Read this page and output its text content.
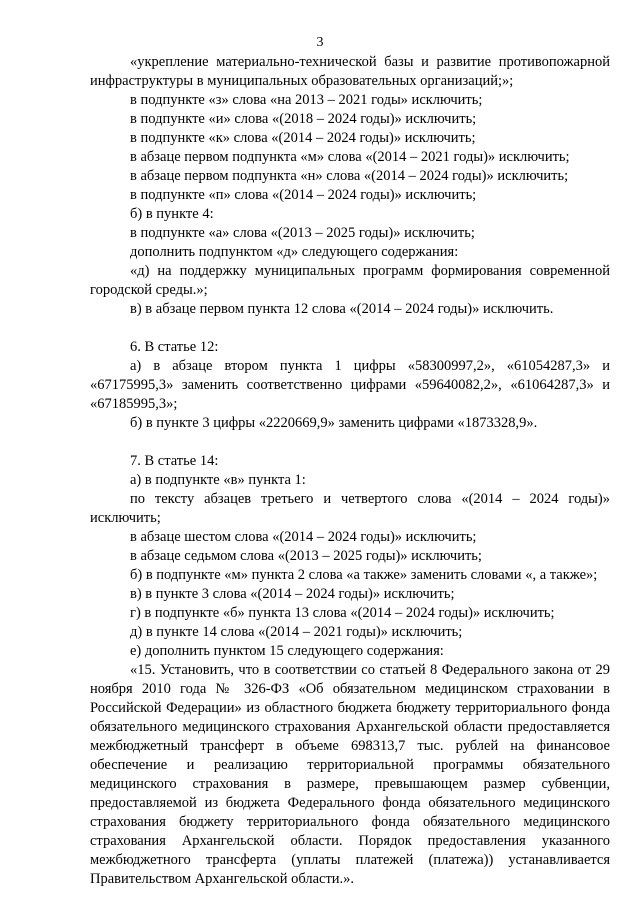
3

«укрепление материально-технической базы и развитие противопожарной инфраструктуры в муниципальных образовательных организаций;»;

в подпункте «з» слова «на 2013 – 2021 годы» исключить;

в подпункте «и» слова «(2018 – 2024 годы)» исключить;

в подпункте «к» слова «(2014 – 2024 годы)» исключить;

в абзаце первом подпункта «м» слова «(2014 – 2021 годы)» исключить;

в абзаце первом подпункта «н» слова «(2014 – 2024 годы)» исключить;

в подпункте «п» слова «(2014 – 2024 годы)» исключить;

б) в пункте 4:

в подпункте «а» слова «(2013 – 2025 годы)» исключить;

дополнить подпунктом «д» следующего содержания:

«д) на поддержку муниципальных программ формирования современной городской среды.»;

в) в абзаце первом пункта 12 слова «(2014 – 2024 годы)» исключить.

6. В статье 12:

а) в абзаце втором пункта 1 цифры «58300997,2», «61054287,3» и «67175995,3» заменить соответственно цифрами «59640082,2», «61064287,3» и «67185995,3»;

б) в пункте 3 цифры «2220669,9» заменить цифрами «1873328,9».

7. В статье 14:

а) в подпункте «в» пункта 1:

по тексту абзацев третьего и четвертого слова «(2014 – 2024 годы)» исключить;

в абзаце шестом слова «(2014 – 2024 годы)» исключить;

в абзаце седьмом слова «(2013 – 2025 годы)» исключить;

б) в подпункте «м» пункта 2 слова «а также» заменить словами «, а также»;

в) в пункте 3 слова «(2014 – 2024 годы)» исключить;

г) в подпункте «б» пункта 13 слова «(2014 – 2024 годы)» исключить;

д) в пункте 14 слова «(2014 – 2021 годы)» исключить;

е) дополнить пунктом 15 следующего содержания:

«15. Установить, что в соответствии со статьей 8 Федерального закона от 29 ноября 2010 года № 326-ФЗ «Об обязательном медицинском страховании в Российской Федерации» из областного бюджета бюджету территориального фонда обязательного медицинского страхования Архангельской области предоставляется межбюджетный трансферт в объеме 698313,7 тыс. рублей на финансовое обеспечение и реализацию территориальной программы обязательного медицинского страхования в размере, превышающем размер субвенции, предоставляемой из бюджета Федерального фонда обязательного медицинского страхования бюджету территориального фонда обязательного медицинского страхования Архангельской области. Порядок предоставления указанного межбюджетного трансферта (уплаты платежей (платежа)) устанавливается Правительством Архангельской области.».
